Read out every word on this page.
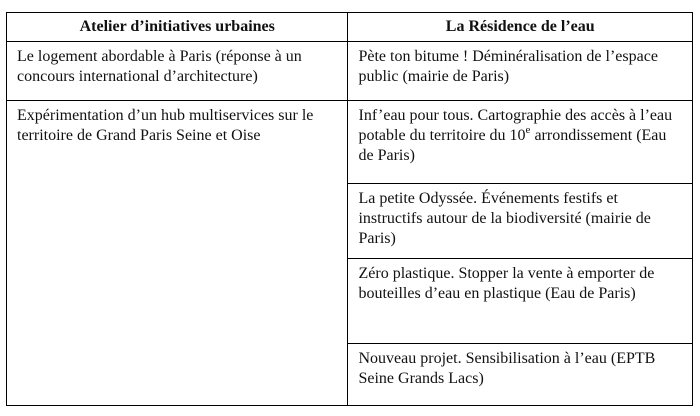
Atelier d’initiatives urbaines	La Résidence de l’eau
Le logement abordable à Paris (réponse à un concours international d’architecture)	Pète ton bitume ! Déminéralisation de l’espace public (mairie de Paris)
Expérimentation d’un hub multiservices sur le territoire de Grand Paris Seine et Oise	Inf’eau pour tous. Cartographie des accès à l’eau potable du territoire du 10e arrondissement (Eau de Paris)
	La petite Odyssée. Événements festifs et instructifs autour de la biodiversité (mairie de Paris)
	Zéro plastique. Stopper la vente à emporter de bouteilles d’eau en plastique (Eau de Paris)
	Nouveau projet. Sensibilisation à l’eau (EPTB Seine Grands Lacs)
